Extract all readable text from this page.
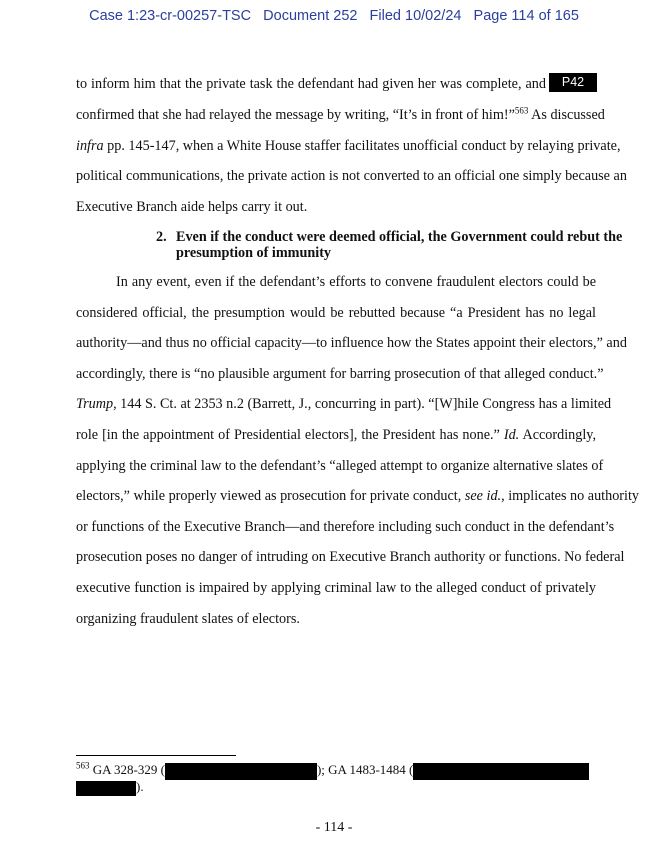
Case 1:23-cr-00257-TSC   Document 252   Filed 10/02/24   Page 114 of 165
to inform him that the private task the defendant had given her was complete, and	P42
confirmed that she had relayed the message by writing, “It’s in front of him!”$^{563}$ As discussed
infra pp. 145-147, when a White House staffer facilitates unofficial conduct by relaying private,
political communications, the private action is not converted to an official one simply because an
Executive Branch aide helps carry it out.
2. Even if the conduct were deemed official, the Government could rebut the
presumption of immunity
In any event, even if the defendant’s efforts to convene fraudulent electors could be
considered official, the presumption would be rebutted because “a President has no legal
authority—and thus no official capacity—to influence how the States appoint their electors,” and
accordingly, there is “no plausible argument for barring prosecution of that alleged conduct.”
Trump, 144 S. Ct. at 2353 n.2 (Barrett, J., concurring in part). “[W]hile Congress has a limited
role [in the appointment of Presidential electors], the President has none.” Id. Accordingly,
applying the criminal law to the defendant’s “alleged attempt to organize alternative slates of
electors,” while properly viewed as prosecution for private conduct, see id., implicates no authority
or functions of the Executive Branch—and therefore including such conduct in the defendant’s
prosecution poses no danger of intruding on Executive Branch authority or functions. No federal
executive function is impaired by applying criminal law to the alleged conduct of privately
organizing fraudulent slates of electors.
$^{563}$ GA 328-329 (	); GA 1483-1484 (
).
- 114 -
